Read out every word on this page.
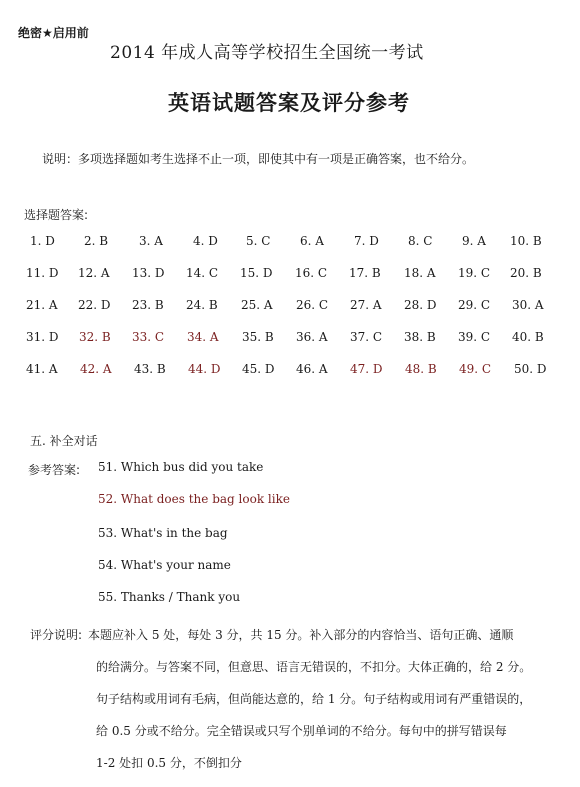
绝密★启用前
2014 年成人高等学校招生全国统一考试
英语试题答案及评分参考
说明：多项选择题如考生选择不止一项，即使其中有一项是正确答案，也不给分。
选择题答案:
1. D 2. B	3. A	4. D 5. C 6. A	7. D 8. C 9. A 10. B
11. D 12. A 13. D 14. C 15. D 16. C 17. B 18. A 19. C 20. B
21. A 22. D 23. B 24. B 25. A 26. C 27. A 28. D 29. C 30. A
31. D 32. B 33. C 34. A 35. B 36. A 37. C 38. B 39. C 40. B
41. A 42. A 43. B 44. D 45. D 46. A 47. D 48. B 49. C 50. D
五. 补全对话
参考答案: 51. Which bus did you take
52. What does the bag look like
53. What's in the bag
54. What's your name
55. Thanks / Thank you
评分说明: 本题应补入 5 处，每处 3 分，共 15 分。补入部分的内容恰当、语句正确、通顺
的给满分。与答案不同，但意思、语言无错误的，不扣分。大体正确的，给 2 分。
句子结构或用词有毛病，但尚能达意的，给 1 分。句子结构或用词有严重错误的，
给 0.5 分或不给分。完全错误或只写个别单词的不给分。每句中的拼写错误每
1-2 处扣 0.5 分，不倒扣分
